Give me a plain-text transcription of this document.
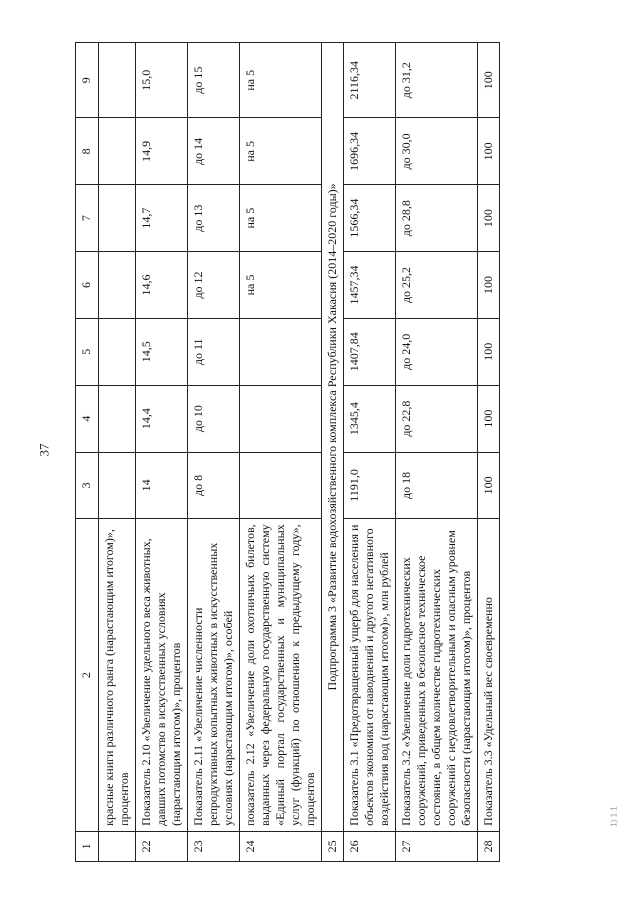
37
1	2	3	4	5	6	7	8	9
	красные книги различного ранга (нарастающим итогом)», процентов							
22	Показатель 2.10 «Увеличение удельного веса животных, давших потомство в искусственных условиях (нарастающим итогом)», процентов	14	14,4	14,5	14,6	14,7	14,9	15,0
23	Показатель 2.11 «Увеличение численности репродуктивных копытных животных в искусственных условиях (нарастающим итогом)», особей	до 8	до 10	до 11	до 12	до 13	до 14	до 15
24	показатель 2.12 «Увеличение доли охотничьих билетов, выданных через федеральную государственную систему «Единый портал государственных и муниципальных услуг (функций) по отношению к предыдущему году», процентов				на 5	на 5	на 5	на 5
25	Подпрограмма 3 «Развитие водохозяйственного комплекса Республики Хакасия (2014–2020 годы)»							
26	Показатель 3.1 «Предотвращенный ущерб для населения и объектов экономики от наводнений и другого негативного воздействия вод (нарастающим итогом)», млн рублей	1191,0	1345,4	1407,84	1457,34	1566,34	1696,34	2116,34
27	Показатель 3.2 «Увеличение доли гидротехнических сооружений, приведенных в безопасное техническое состояние, в общем количестве гидротехнических сооружений с неудовлетворительным и опасным уровнем безопасности (нарастающим итогом)», процентов	до 18	до 22,8	до 24,0	до 25,2	до 28,8	до 30,0	до 31,2
28	Показатель 3.3 «Удельный вес своевременно	100	100	100	100	100	100	100
1) 1 1
